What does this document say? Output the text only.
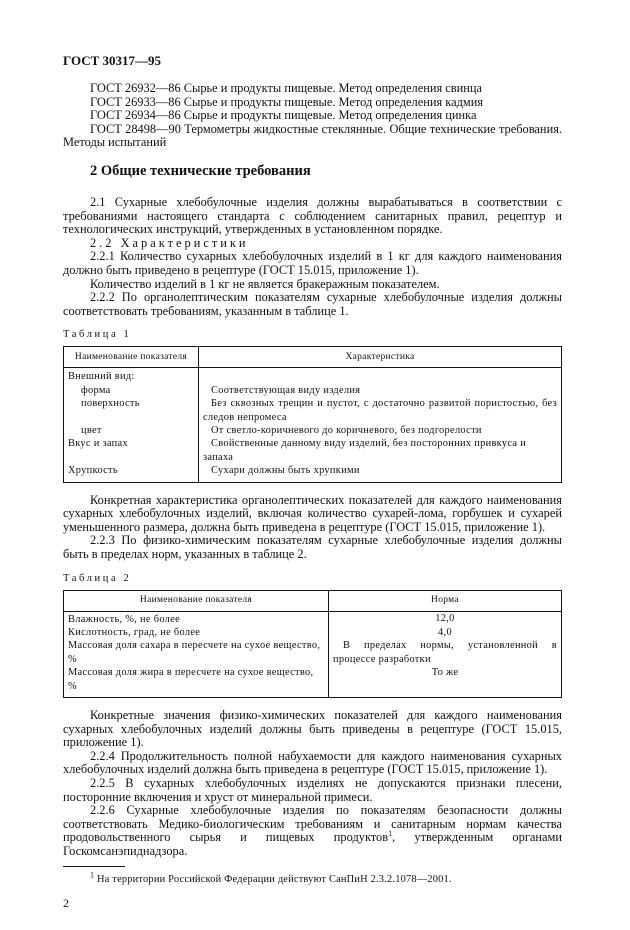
ГОСТ 30317—95

ГОСТ 26932—86 Сырье и продукты пищевые. Метод определения свинца

ГОСТ 26933—86 Сырье и продукты пищевые. Метод определения кадмия

ГОСТ 26934—86 Сырье и продукты пищевые. Метод определения цинка

ГОСТ 28498—90 Термометры жидкостные стеклянные. Общие технические требования. Методы испытаний

2 Общие технические требования

2.1 Сухарные хлебобулочные изделия должны вырабатываться в соответствии с требованиями настоящего стандарта с соблюдением санитарных правил, рецептур и технологических инструкций, утвержденных в установленном порядке.

2.2 Характеристики

2.2.1 Количество сухарных хлебобулочных изделий в 1 кг для каждого наименования должно быть приведено в рецептуре (ГОСТ 15.015, приложение 1).

Количество изделий в 1 кг не является бракеражным показателем.

2.2.2 По органолептическим показателям сухарные хлебобулочные изделия должны соответствовать требованиям, указанным в таблице 1.

Таблица 1
Наименование показателя	Характеристика
Внешний вид:	
форма	Соответствующая виду изделия
поверхность	Без сквозных трещин и пустот, с достаточно развитой пористостью, без следов непромеса
цвет	От светло-коричневого до коричневого, без подгорелости
Вкус и запах	Свойственные данному виду изделий, без посторонних привкуса и запаха
Хрупкость	Сухари должны быть хрупкими

Конкретная характеристика органолептических показателей для каждого наименования сухарных хлебобулочных изделий, включая количество сухарей-лома, горбушек и сухарей уменьшенного размера, должна быть приведена в рецептуре (ГОСТ 15.015, приложение 1).

2.2.3 По физико-химическим показателям сухарные хлебобулочные изделия должны быть в пределах норм, указанных в таблице 2.

Таблица 2
Наименование показателя	Норма
Влажность, %, не более	12,0
Кислотность, град, не более	4,0
Массовая доля сахара в пересчете на сухое вещество, %	В пределах нормы, установленной в процессе разработки
Массовая доля жира в пересчете на сухое вещество, %	То же

Конкретные значения физико-химических показателей для каждого наименования сухарных хлебобулочных изделий должны быть приведены в рецептуре (ГОСТ 15.015, приложение 1).

2.2.4 Продолжительность полной набухаемости для каждого наименования сухарных хлебобулочных изделий должна быть приведена в рецептуре (ГОСТ 15.015, приложение 1).

2.2.5 В сухарных хлебобулочных изделиях не допускаются признаки плесени, посторонние включения и хруст от минеральной примеси.

2.2.6 Сухарные хлебобулочные изделия по показателям безопасности должны соответствовать Медико-биологическим требованиям и санитарным нормам качества продовольственного сырья и пищевых продуктов$^1$, утвержденным органами Госкомсанэпиднадзора.

$^1$ На территории Российской Федерации действуют СанПиН 2.3.2.1078—2001.
2
